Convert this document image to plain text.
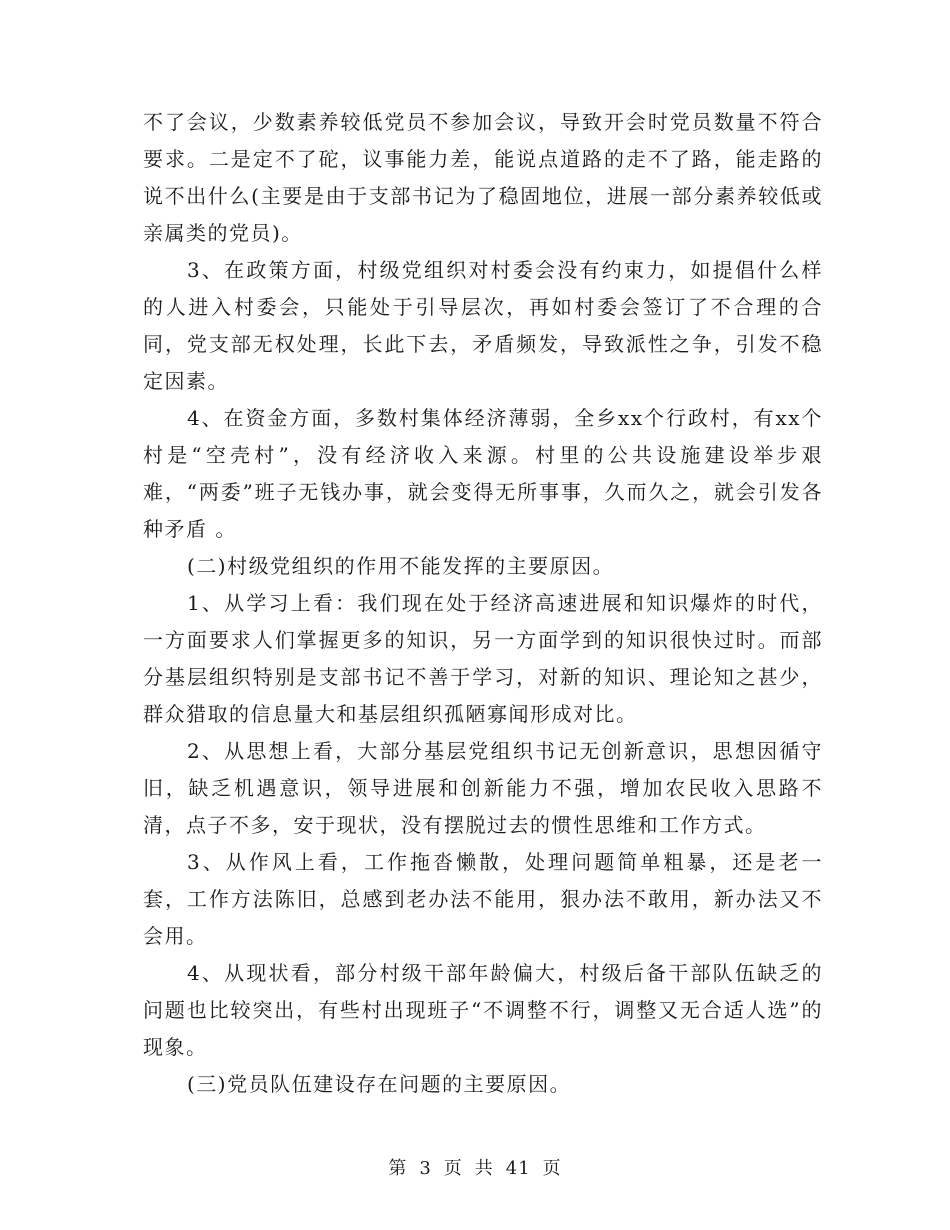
不了会议，少数素养较低党员不参加会议，导致开会时党员数量不符合要求。二是定不了砣，议事能力差，能说点道路的走不了路，能走路的说不出什么(主要是由于支部书记为了稳固地位，进展一部分素养较低或亲属类的党员)。

3、在政策方面，村级党组织对村委会没有约束力，如提倡什么样的人进入村委会，只能处于引导层次，再如村委会签订了不合理的合同，党支部无权处理，长此下去，矛盾频发，导致派性之争，引发不稳定因素。

4、在资金方面，多数村集体经济薄弱，全乡xx个行政村，有xx个村是“空壳村”，没有经济收入来源。村里的公共设施建设举步艰难，“两委”班子无钱办事，就会变得无所事事，久而久之，就会引发各种矛盾 。

(二)村级党组织的作用不能发挥的主要原因。

1、从学习上看：我们现在处于经济高速进展和知识爆炸的时代，一方面要求人们掌握更多的知识，另一方面学到的知识很快过时。而部分基层组织特别是支部书记不善于学习，对新的知识、理论知之甚少，群众猎取的信息量大和基层组织孤陋寡闻形成对比。

2、从思想上看，大部分基层党组织书记无创新意识，思想因循守旧，缺乏机遇意识，领导进展和创新能力不强，增加农民收入思路不清，点子不多，安于现状，没有摆脱过去的惯性思维和工作方式。

3、从作风上看，工作拖沓懒散，处理问题简单粗暴，还是老一套，工作方法陈旧，总感到老办法不能用，狠办法不敢用，新办法又不会用。

4、从现状看，部分村级干部年龄偏大，村级后备干部队伍缺乏的问题也比较突出，有些村出现班子“不调整不行，调整又无合适人选”的现象。

(三)党员队伍建设存在问题的主要原因。

第 3 页 共 41 页
